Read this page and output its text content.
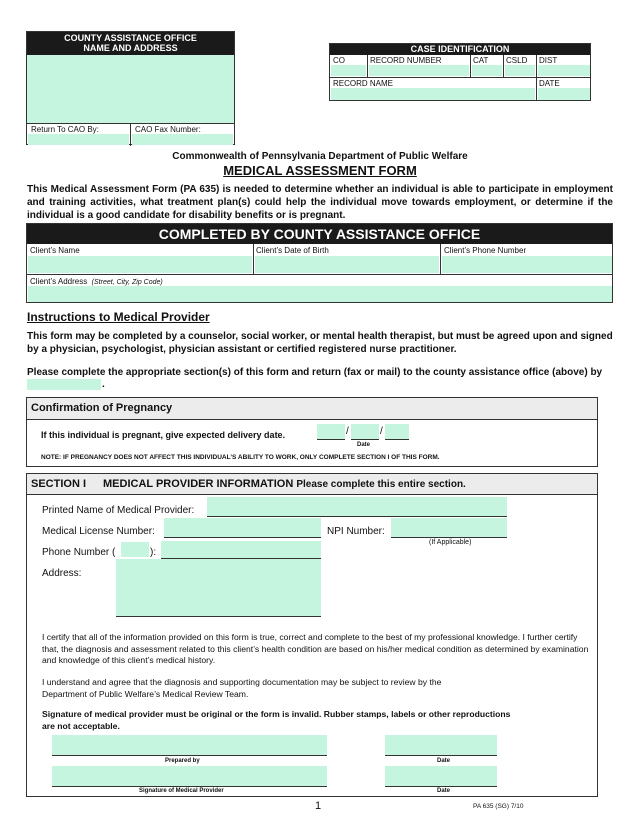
COUNTY ASSISTANCE OFFICE
NAME AND ADDRESS
Return To CAO By:	CAO Fax Number:
CASE IDENTIFICATION
CO	RECORD NUMBER	CAT CSLD DIST
RECORD NAME	DATE
Commonwealth of Pennsylvania Department of Public Welfare
MEDICAL ASSESSMENT FORM
This Medical Assessment Form (PA 635) is needed to determine whether an individual is able to participate in employment and training activities, what treatment plan(s) could help the individual move towards employment, or determine if the individual is a good candidate for disability benefits or is pregnant.
COMPLETED BY COUNTY ASSISTANCE OFFICE
Client’s Name	Client’s Date of Birth	Client’s Phone Number
Client’s Address (Street, City, Zip Code)
Instructions to Medical Provider
This form may be completed by a counselor, social worker, or mental health therapist, but must be agreed upon and signed by a physician, psychologist, physician assistant or certified registered nurse practitioner.
Please complete the appropriate section(s) of this form and return (fax or mail) to the county assistance office (above) by
.
Confirmation of Pregnancy
If this individual is pregnant, give expected delivery date.	/	/
Date
NOTE: IF PREGNANCY DOES NOT AFFECT THIS INDIVIDUAL’S ABILITY TO WORK, ONLY COMPLETE SECTION I OF THIS FORM.
SECTION I MEDICAL PROVIDER INFORMATION Please complete this entire section.
Printed Name of Medical Provider:
Medical License Number:	NPI Number:
(If Applicable)
Phone Number (	):
Address:
I certify that all of the information provided on this form is true, correct and complete to the best of my professional knowledge. I further certify that, the diagnosis and assessment related to this client’s health condition are based on his/her medical condition as determined by examination and knowledge of this client’s medical history.
I understand and agree that the diagnosis and supporting documentation may be subject to review by the Department of Public Welfare’s Medical Review Team.
Signature of medical provider must be original or the form is invalid. Rubber stamps, labels or other reproductions are not acceptable.
Prepared by	Date
Signature of Medical Provider	Date
1	PA 635 (SG) 7/10
